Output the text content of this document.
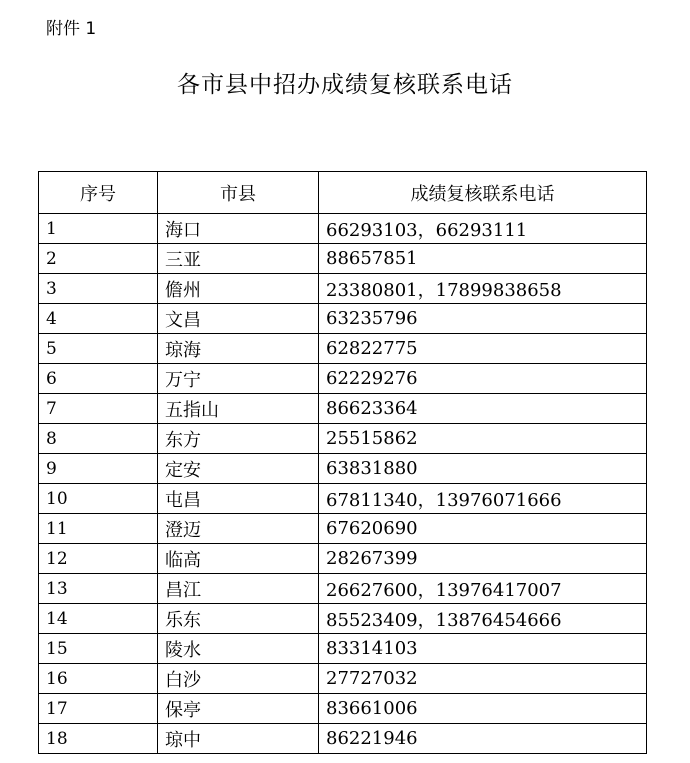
附件 1
各市县中招办成绩复核联系电话
序号	市县	成绩复核联系电话
1	海口	66293103，66293111
2	三亚	88657851
3	儋州	23380801，17899838658
4	文昌	63235796
5	琼海	62822775
6	万宁	62229276
7	五指山	86623364
8	东方	25515862
9	定安	63831880
10	屯昌	67811340，13976071666
11	澄迈	67620690
12	临高	28267399
13	昌江	26627600，13976417007
14	乐东	85523409，13876454666
15	陵水	83314103
16	白沙	27727032
17	保亭	83661006
18	琼中	86221946
